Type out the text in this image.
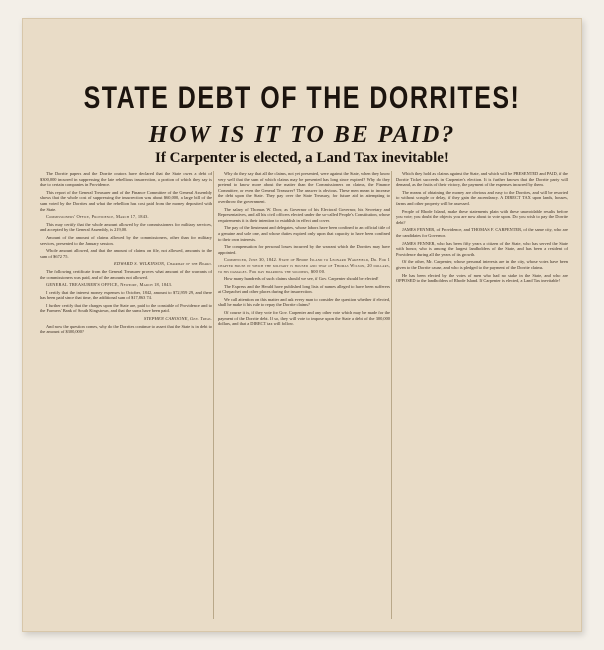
STATE DEBT OF THE DORRITES!
HOW IS IT TO BE PAID?
If Carpenter is elected, a Land Tax inevitable!

The Dorrite papers and the Dorrite orators have declared that the State owes a debt of $300,000 incurred in suppressing the late rebellious insurrection, a portion of which they say is due to certain companies in Providence.

This report of the General Treasurer and of the Finance Committee of the General Assembly shows that the whole cost of suppressing the insurrection was about $60,000, a large bill of the sum voted by the Dorrites and what the rebellion has cost paid from the money deposited with the State.

Commissioners' Office, Providence, March 17, 1843.

This may certify that the whole amount allowed by the commissioners for military services, and accepted by the General Assembly, is 219,00.

Amount of the amount of claims allowed by the commissioners, other than for military services, presented to the January session.

Whole amount allowed, and that the amount of claims on file, not allowed, amounts to the sum of $672 75.

EDWARD S. WILKINSON, Chairman of the Board.

The following certificate from the General Treasurer proves what amount of the warrants of the commissioners was paid, and of the amounts not allowed.

GENERAL TREASURER'S OFFICE, Newport, March 18, 1843.

I certify that the interest money expenses to October, 1842, amount to $72,959 29, and there has been paid since that time, the additional sum of $17,863 74.

I further certify that the charges upon the State are, paid to the constable of Providence and to the Farmers' Bank of South Kingstown, and that the sums have been paid.

STEPHEN CAHOONE, Gen. Treas.

And now the question comes, why do the Dorrites continue to assert that the State is in debt to the amount of $300,000?

Why do they say that all the claims, not yet presented, were against the State, when they know very well that the sum of which claims may be presented has long since expired? Why do they pretend to know more about the matter than the Commissioners on claims, the Finance Committee, or even the General Treasurer? The answer is obvious. These men mean to increase the debt upon the State. They pay over the State Treasury, for future aid in attempting to overthrow the government.

The salary of Thomas W. Dorr, as Governor of his Electoral Governor, his Secretary and Representatives, and all his civil officers elected under the so-called People's Constitution, whose requirements it is their intention to establish in effect and cover.

The pay of the lieutenant and delegates, whose labors have been confined to an official title of a genuine and sole one, and whose duties expired only upon that capacity to have been confined to their own interests.

The compensation for personal losses incurred by the warrant which the Dorrites may have appointed.

Commenced, June 30, 1842. State of Rhode Island to Leonard Wakefield, Dr. For 1 chapter house in which the military is housed and that of Thomas Wilson, 20 dollars, to his damages. For day boarding the soldiers, $00 00.

How many hundreds of such claims should we see, if Gov. Carpenter should be elected!

The Express and the Herald have published long lists of names alleged to have been sufferers at Chepachet and other places during the insurrection.

We call attention on this matter and ask every man to consider the question whether if elected, shall he make it his rule to repay the Dorrite claims?

Of course it is, if they vote for Gov. Carpenter and any other vote which may be made for the payment of the Dorrite debt. If so, they will vote to impose upon the State a debt of the 300,000 dollars, and that a DIRECT tax will follow.

Which they hold as claims against the State, and which will be PRESENTED and PAID, if the Dorrite Ticket succeeds in Carpenter's election. It is further known that the Dorrite party will demand, as the fruits of their victory, the payment of the expenses incurred by them.

The means of obtaining the money are obvious and easy to the Dorrites, and will be resorted to without scruple or delay, if they gain the ascendancy. A DIRECT TAX upon lands, houses, farms and other property will be assessed.

People of Rhode Island, make these statements plain with these unavoidable results before you vote; you doubt the objects you are now about to vote upon. Do you wish to pay the Dorrite debt?

JAMES FENNER, of Providence, and THOMAS F. CARPENTER, of the same city, who are the candidates for Governor.

JAMES FENNER, who has been fifty years a citizen of the State, who has served the State with honor, who is among the largest landholders of the State, and has been a resident of Providence during all the years of its growth.

Of the other, Mr. Carpenter, whose personal interests are in the city, whose votes have been given to the Dorrite cause, and who is pledged to the payment of the Dorrite claims.

He has been elected by the votes of men who had no stake in the State, and who are OPPOSED to the landholders of Rhode Island. If Carpenter is elected, a Land Tax inevitable!
